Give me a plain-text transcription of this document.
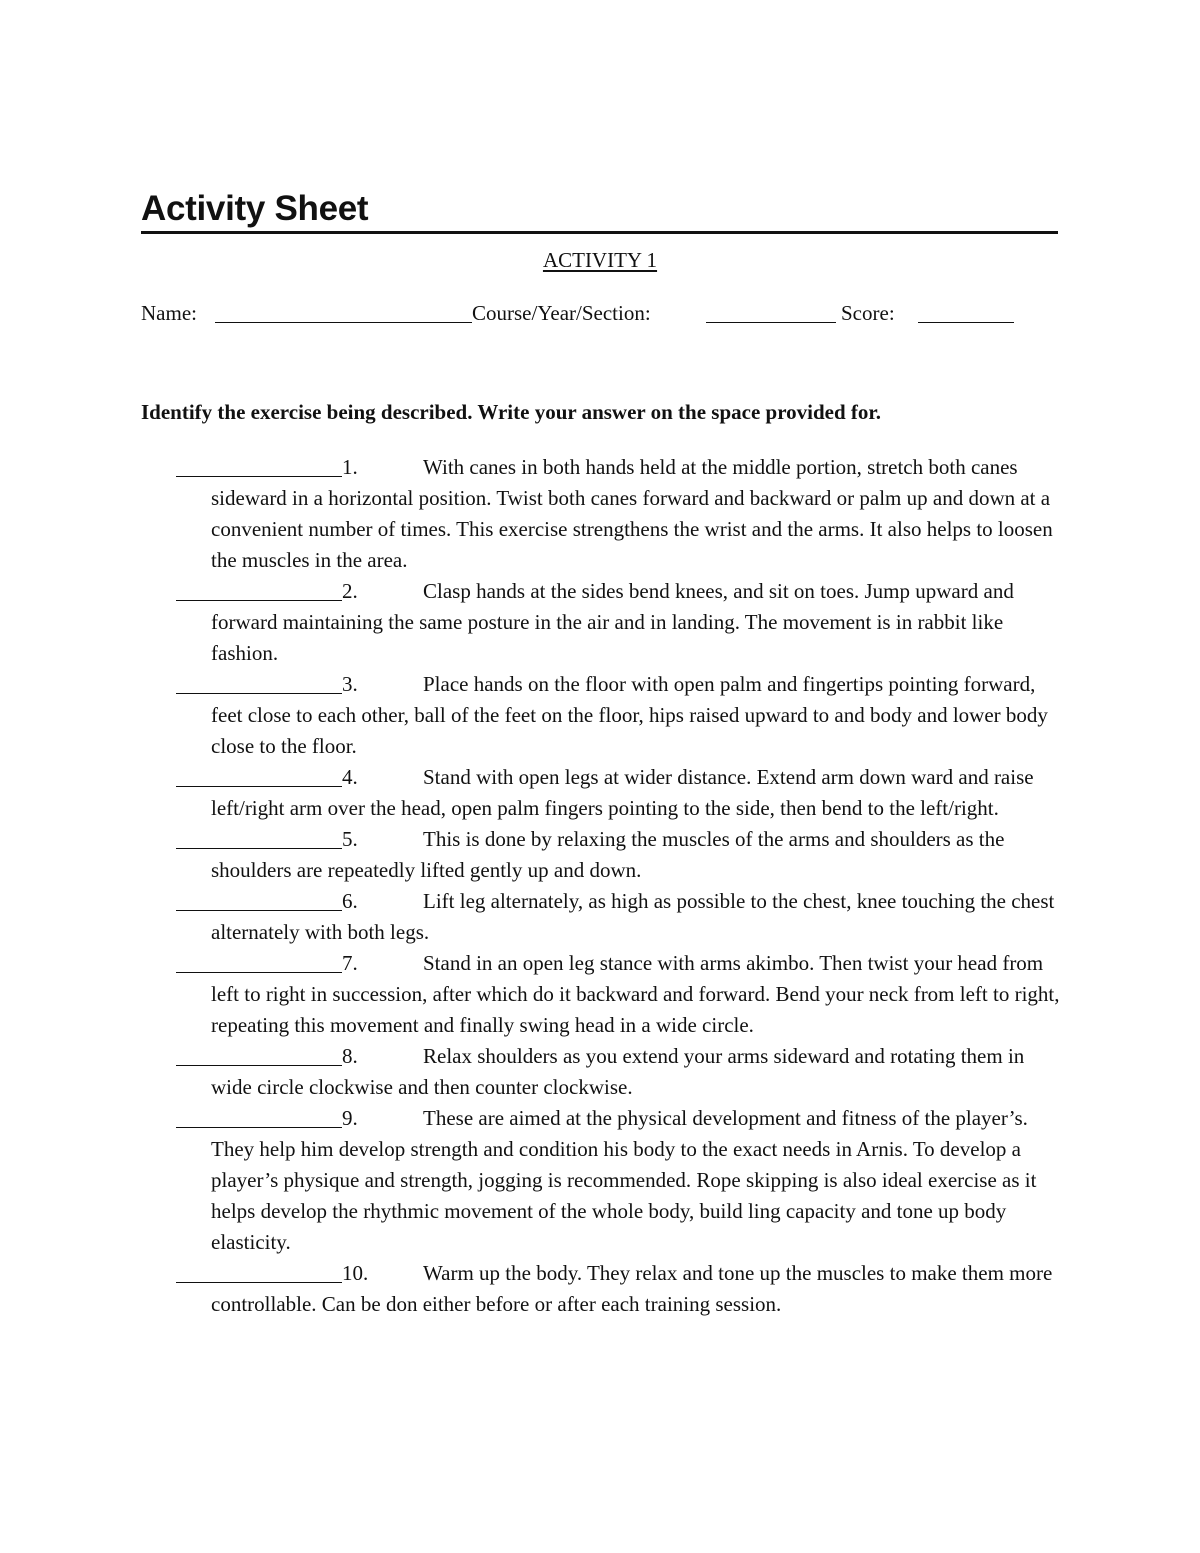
Activity Sheet
ACTIVITY 1
Name:	Course/Year/Section:	Score:
Identify the exercise being described. Write your answer on the space provided for.
1.	With canes in both hands held at the middle portion, stretch both canes sideward in a horizontal position. Twist both canes forward and backward or palm up and down at a convenient number of times. This exercise strengthens the wrist and the arms. It also helps to loosen the muscles in the area.
2.	Clasp hands at the sides bend knees, and sit on toes. Jump upward and forward maintaining the same posture in the air and in landing. The movement is in rabbit like fashion.
3.	Place hands on the floor with open palm and fingertips pointing forward, feet close to each other, ball of the feet on the floor, hips raised upward to and body and lower body close to the floor.
4.	Stand with open legs at wider distance. Extend arm down ward and raise left/right arm over the head, open palm fingers pointing to the side, then bend to the left/right.
5.	This is done by relaxing the muscles of the arms and shoulders as the shoulders are repeatedly lifted gently up and down.
6.	Lift leg alternately, as high as possible to the chest, knee touching the chest alternately with both legs.
7.	Stand in an open leg stance with arms akimbo. Then twist your head from left to right in succession, after which do it backward and forward. Bend your neck from left to right, repeating this movement and finally swing head in a wide circle.
8.	Relax shoulders as you extend your arms sideward and rotating them in wide circle clockwise and then counter clockwise.
9.	These are aimed at the physical development and fitness of the player’s. They help him develop strength and condition his body to the exact needs in Arnis. To develop a player’s physique and strength, jogging is recommended. Rope skipping is also ideal exercise as it helps develop the rhythmic movement of the whole body, build ling capacity and tone up body elasticity.
10.	Warm up the body. They relax and tone up the muscles to make them more controllable. Can be don either before or after each training session.
